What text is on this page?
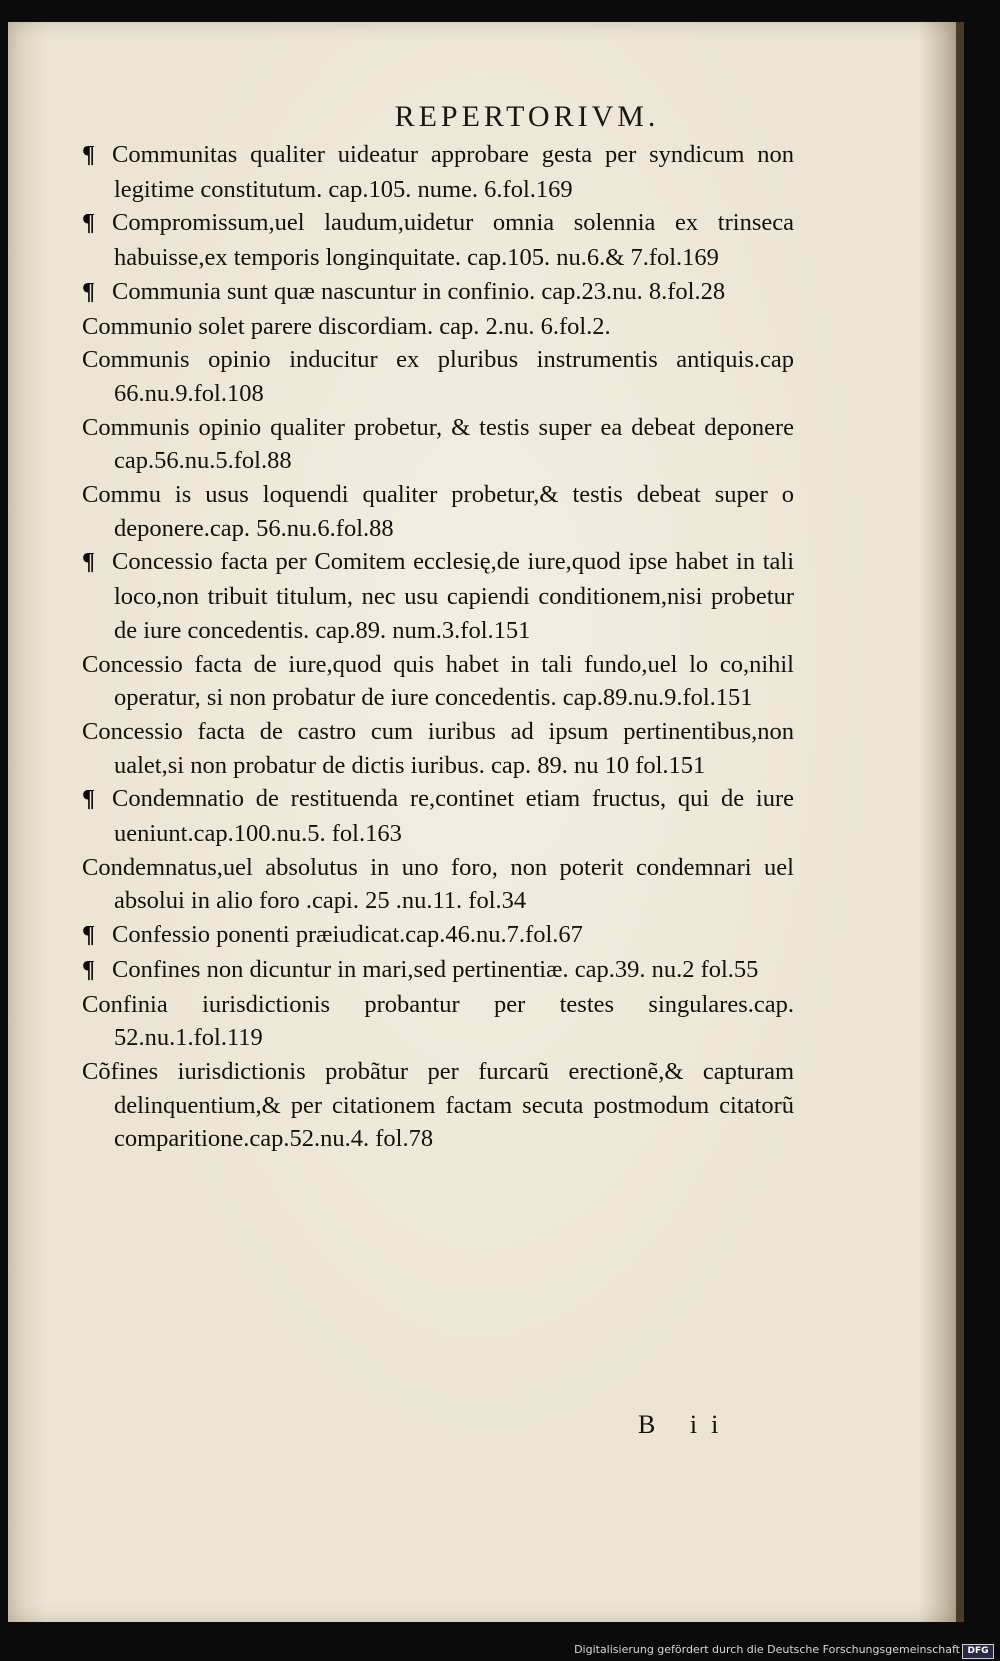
REPERTORIVM.
¶ Communitas qualiter uideatur approbare gesta per syndicum non legitime constitutum. cap.105. nume. 6.fol.169
¶ Compromissum,uel laudum,uidetur omnia solennia ex trinseca habuisse,ex temporis longinquitate. cap.105. nu.6.& 7.fol.169
¶ Communia sunt quæ nascuntur in confinio. cap.23.nu. 8.fol.28
Communio solet parere discordiam. cap. 2.nu. 6.fol.2.
Communis opinio inducitur ex pluribus instrumentis antiquis.cap 66.nu.9.fol.108
Communis opinio qualiter probetur, & testis super ea debeat deponere cap.56.nu.5.fol.88
Commu is usus loquendi qualiter probetur,& testis debeat super o deponere.cap. 56.nu.6.fol.88
¶ Concessio facta per Comitem ecclesię,de iure,quod ipse habet in tali loco,non tribuit titulum, nec usu capiendi conditionem,nisi probetur de iure concedentis. cap.89. num.3.fol.151
Concessio facta de iure,quod quis habet in tali fundo,uel lo co,nihil operatur, si non probatur de iure concedentis. cap.89.nu.9.fol.151
Concessio facta de castro cum iuribus ad ipsum pertinentibus,non ualet,si non probatur de dictis iuribus. cap. 89. nu 10 fol.151
¶ Condemnatio de restituenda re,continet etiam fructus, qui de iure ueniunt.cap.100.nu.5. fol.163
Condemnatus,uel absolutus in uno foro, non poterit condemnari uel absolui in alio foro .capi. 25 .nu.11. fol.34
¶ Confessio ponenti præiudicat.cap.46.nu.7.fol.67
¶ Confines non dicuntur in mari,sed pertinentiæ. cap.39. nu.2 fol.55
Confinia iurisdictionis probantur per testes singulares.cap. 52.nu.1.fol.119
Cõfines iurisdictionis probãtur per furcarũ erectionẽ,& capturam delinquentium,& per citationem factam secuta postmodum citatorũ comparitione.cap.52.nu.4. fol.78
B ii
Digitalisierung gefördert durch die Deutsche Forschungsgemeinschaft DFG
